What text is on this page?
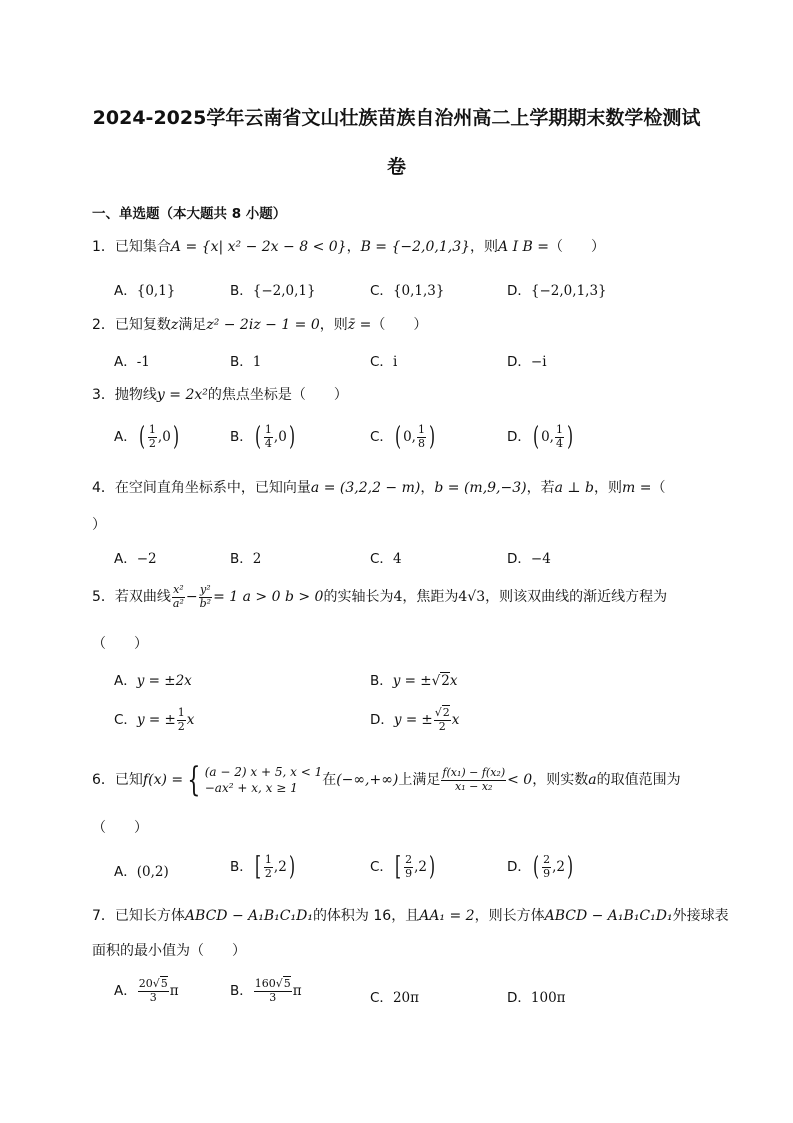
2024-2025学年云南省文山壮族苗族自治州高二上学期期末数学检测试
卷
一、单选题（本大题共 8 小题）
1．已知集合A = {x| x² − 2x − 8 < 0}，B = {−2,0,1,3}，则A I B =（　　）
A．{0,1}	B．{−2,0,1}	C．{0,1,3}	D．{−2,0,1,3}
2．已知复数z满足z² − 2iz − 1 = 0，则z̄ =（　　）
A．-1	B．1	C．i	D．−i
3．抛物线y = 2x²的焦点坐标是（　　）
A．( $\frac{1}{2} ,0$)	B．( $\frac{1}{4} ,0$)	C．( 0, $\frac{1}{8}$ )	D．( 0, $\frac{1}{4}$ )
4．在空间直角坐标系中，已知向量a = (3,2,2 − m)，b = (m,9,−3)，若a ⊥ b，则m =（
）
A．−2	B．2	C．4	D．−4
5．若双曲线 $\frac{\text{x²}}{\text{a²}} - \frac{\text{y²}}{\text{b²}} = 1$ a > 0 b > 0的实轴长为4，焦距为4√3，则该双曲线的渐近线方程为
（　　）
A．y = ±2x	B．y = ±√2x
C．y = ± $\frac{1}{2}$ x	D．y = ± $\frac{√2}{2}$ x
6．已知f(x) = { (a − 2) x + 5, x < 1
−ax² + x, x ≥ 1	在(−∞,+∞)上满足 $\frac{\text{f(x₁) − f(x₂)}}{\text{x₁ − x₂}} < 0$，则实数a的取值范围为
（　　）
A．(0,2)	B．[ $\frac{1}{2} ,2$)	C．[ $\frac{2}{9} ,2$)	D．( $\frac{2}{9} ,2$)
7．已知长方体ABCD − A₁B₁C₁D₁的体积为 16，且AA₁ = 2，则长方体ABCD − A₁B₁C₁D₁外接球表
面积的最小值为（　　）
A． $\frac{20√5}{3}$ π	B． $\frac{160√5}{3}$ π	C．20π	D．100π
